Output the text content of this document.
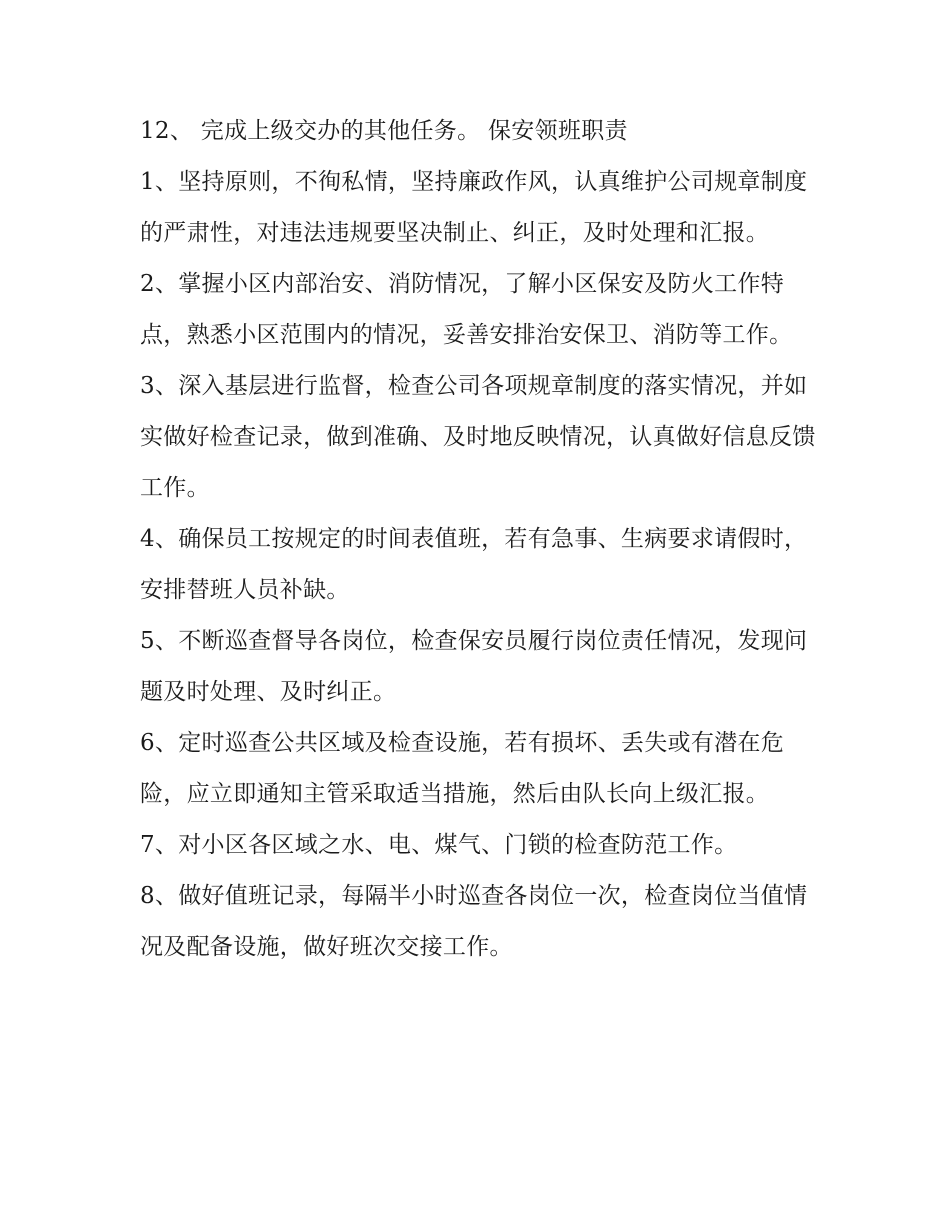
12、 完成上级交办的其他任务。 保安领班职责

1、坚持原则，不徇私情，坚持廉政作风，认真维护公司规章制度的严肃性，对违法违规要坚决制止、纠正，及时处理和汇报。

2、掌握小区内部治安、消防情况，了解小区保安及防火工作特点，熟悉小区范围内的情况，妥善安排治安保卫、消防等工作。

3、深入基层进行监督，检查公司各项规章制度的落实情况，并如实做好检查记录，做到准确、及时地反映情况，认真做好信息反馈工作。

4、确保员工按规定的时间表值班，若有急事、生病要求请假时，安排替班人员补缺。

5、不断巡查督导各岗位，检查保安员履行岗位责任情况，发现问题及时处理、及时纠正。

6、定时巡查公共区域及检查设施，若有损坏、丢失或有潜在危险，应立即通知主管采取适当措施，然后由队长向上级汇报。

7、对小区各区域之水、电、煤气、门锁的检查防范工作。

8、做好值班记录，每隔半小时巡查各岗位一次，检查岗位当值情况及配备设施，做好班次交接工作。
